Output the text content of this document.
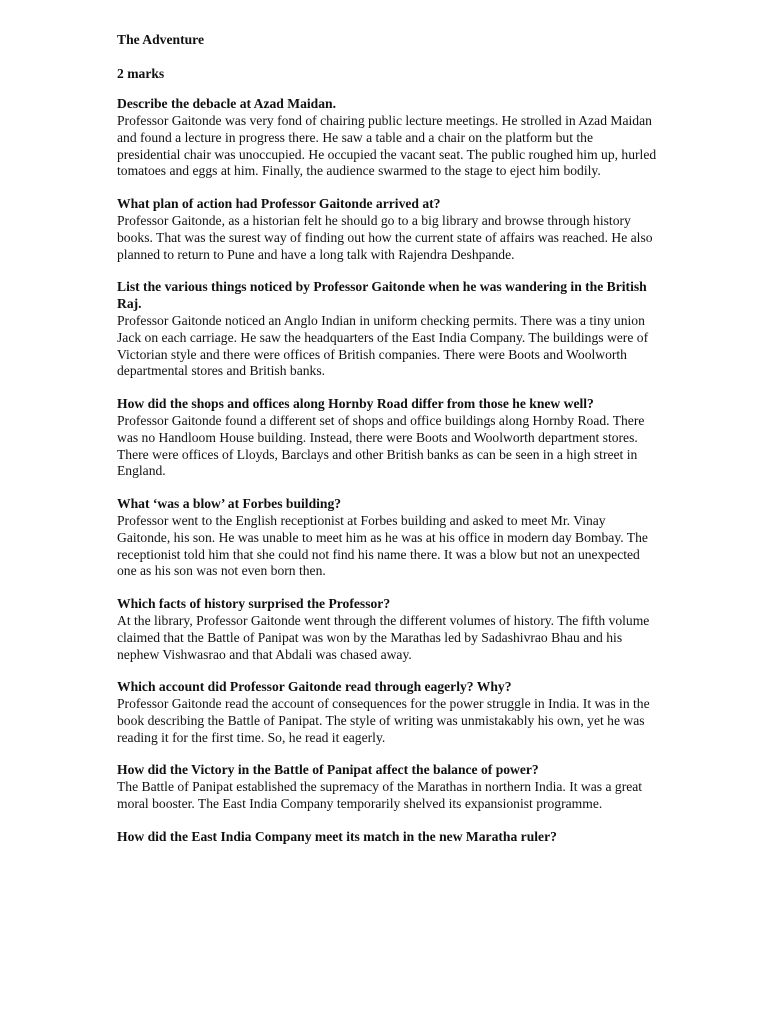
The Adventure

2 marks

Describe the debacle at Azad Maidan.

Professor Gaitonde was very fond of chairing public lecture meetings. He strolled in Azad Maidan and found a lecture in progress there. He saw a table and a chair on the platform but the presidential chair was unoccupied. He occupied the vacant seat. The public roughed him up, hurled tomatoes and eggs at him. Finally, the audience swarmed to the stage to eject him bodily.

What plan of action had Professor Gaitonde arrived at?

Professor Gaitonde, as a historian felt he should go to a big library and browse through history books. That was the surest way of finding out how the current state of affairs was reached. He also planned to return to Pune and have a long talk with Rajendra Deshpande.

List the various things noticed by Professor Gaitonde when he was wandering in the British Raj.

Professor Gaitonde noticed an Anglo Indian in uniform checking permits. There was a tiny union Jack on each carriage. He saw the headquarters of the East India Company. The buildings were of Victorian style and there were offices of British companies. There were Boots and Woolworth departmental stores and British banks.

How did the shops and offices along Hornby Road differ from those he knew well?

Professor Gaitonde found a different set of shops and office buildings along Hornby Road. There was no Handloom House building. Instead, there were Boots and Woolworth department stores. There were offices of Lloyds, Barclays and other British banks as can be seen in a high street in England.

What ‘was a blow’ at Forbes building?

Professor went to the English receptionist at Forbes building and asked to meet Mr. Vinay Gaitonde, his son. He was unable to meet him as he was at his office in modern day Bombay. The receptionist told him that she could not find his name there. It was a blow but not an unexpected one as his son was not even born then.

Which facts of history surprised the Professor?

At the library, Professor Gaitonde went through the different volumes of history. The fifth volume claimed that the Battle of Panipat was won by the Marathas led by Sadashivrao Bhau and his nephew Vishwasrao and that Abdali was chased away.

Which account did Professor Gaitonde read through eagerly? Why?

Professor Gaitonde read the account of consequences for the power struggle in India. It was in the book describing the Battle of Panipat. The style of writing was unmistakably his own, yet he was reading it for the first time. So, he read it eagerly.

How did the Victory in the Battle of Panipat affect the balance of power?

The Battle of Panipat established the supremacy of the Marathas in northern India. It was a great moral booster. The East India Company temporarily shelved its expansionist programme.

How did the East India Company meet its match in the new Maratha ruler?
